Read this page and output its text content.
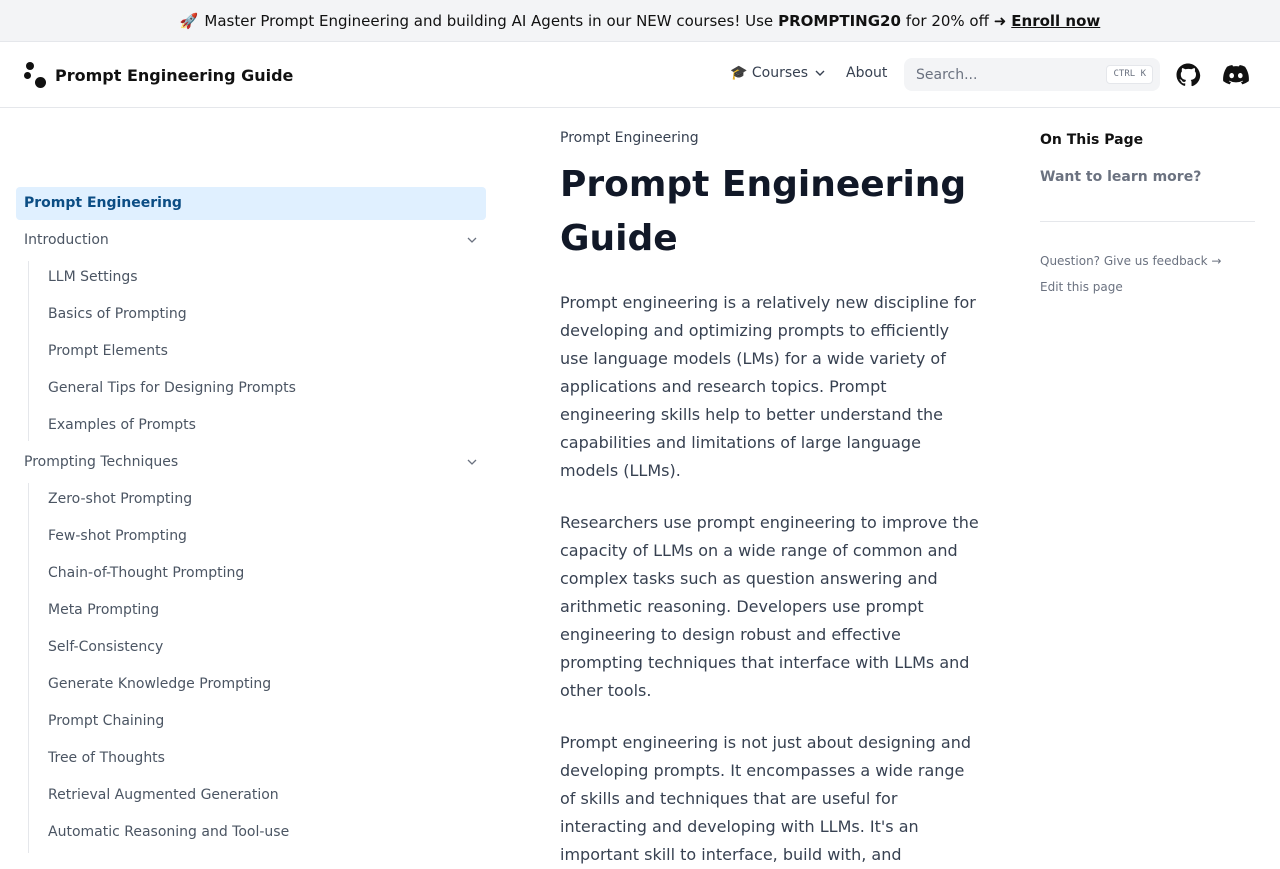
🚀 Master Prompt Engineering and building AI Agents in our NEW courses! Use PROMPTING20 for 20% off ➜ Enroll now
Prompt Engineering Guide	🎓 Courses	About
Search...	CTRL K
Prompt Engineering
Introduction
LLM Settings
Basics of Prompting
Prompt Elements
General Tips for Designing Prompts
Examples of Prompts
Prompting Techniques
Zero-shot Prompting
Few-shot Prompting
Chain-of-Thought Prompting
Meta Prompting
Self-Consistency
Generate Knowledge Prompting
Prompt Chaining
Tree of Thoughts
Retrieval Augmented Generation
Automatic Reasoning and Tool-use
Prompt Engineering
Prompt Engineering Guide

Prompt engineering is a relatively new discipline for developing and optimizing prompts to efficiently use language models (LMs) for a wide variety of applications and research topics. Prompt engineering skills help to better understand the capabilities and limitations of large language models (LLMs).

Researchers use prompt engineering to improve the capacity of LLMs on a wide range of common and complex tasks such as question answering and arithmetic reasoning. Developers use prompt engineering to design robust and effective prompting techniques that interface with LLMs and other tools.

Prompt engineering is not just about designing and developing prompts. It encompasses a wide range of skills and techniques that are useful for interacting and developing with LLMs. It's an important skill to interface, build with, and

On This Page
Want to learn more?
Question? Give us feedback →
Edit this page
